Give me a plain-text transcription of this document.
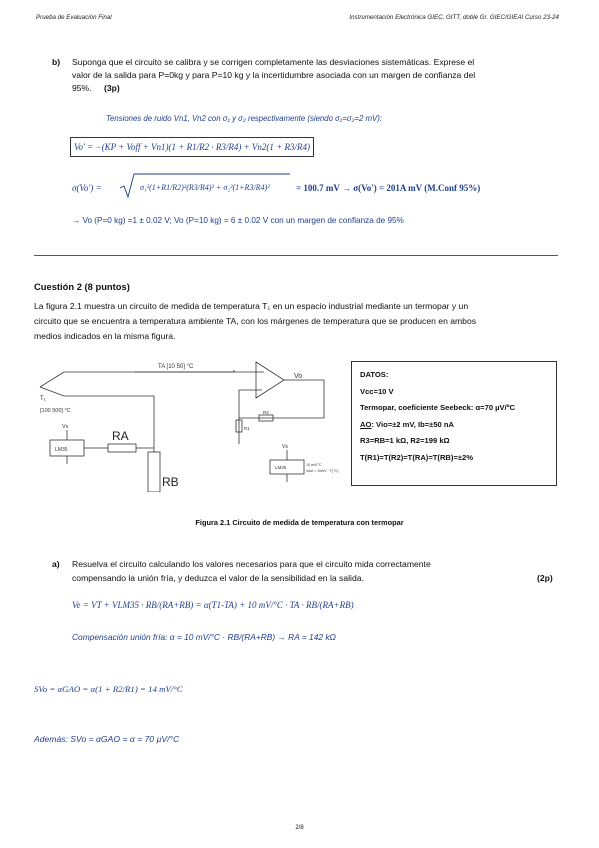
Prueba de Evaluación Final	Instrumentación Electrónica GIEC, GITT, doble Gr. GIEC/GIEAI Curso 23-24
b) Suponga que el circuito se calibra y se corrigen completamente las desviaciones sistemáticas. Exprese el
valor de la salida para P=0kg y para P=10 kg y la incertidumbre asociada con un margen de confianza del
95%. (3p)
Tensiones de ruido Vn1, Vn2 con σ₁ y σ₂ respectivamente (siendo σ₁=σ₂=2 mV):
Vo' = −(KP + Voff + Vn1)(1 + R1/R2 · R3/R4) + Vn2(1 + R3/R4)
σ(Vo') =	σ₁²(1+R1/R2)²(R3/R4)² + σ₂²(1+R3/R4)²	= 100.7 mV → σ(Vo') = 201A mV (M.Conf 95%)
→ Vo (P=0 kg) =1 ± 0.02 V; Vo (P=10 kg) = 6 ± 0.02 V con un margen de confianza de 95%
Cuestión 2 (8 puntos)
La figura 2.1 muestra un circuito de medida de temperatura T₁ en un espacio industrial mediante un termopar y un
circuito que se encuentra a temperatura ambiente TA, con los márgenes de temperatura que se producen en ambos
medios indicados en la misma figura.
TA [10 50] °C
T₁
[100 500] °C
Vs
LM35
RA
RB
Vo
R1
R2
Vs
LM35	10 mV/°C
Vout = 10mV · T(°C)
DATOS:
Vcc=10 V
Termopar, coeficiente Seebeck: α=70 µV/ºC
AO: Vio=±2 mV, Ib=±50 nA
R3=RB=1 kΩ, R2=199 kΩ
T(R1)=T(R2)=T(RA)=T(RB)=±2%
Figura 2.1 Circuito de medida de temperatura con termopar
a) Resuelva el circuito calculando los valores necesarios para que el circuito mida correctamente
compensando la unión fría, y deduzca el valor de la sensibilidad en la salida.	(2p)
Ve = VT + VLM35 · RB/(RA+RB) = α(T1-TA) + 10 mV/°C · TA · RB/(RA+RB)
Compensación unión fría: α = 10 mV/°C · RB/(RA+RB) → RA = 142 kΩ
SVo = αGAO = α(1 + R2/R1) = 14 mV/°C
Además: SVo = αGAO = α = 70 µV/°C
2/8
